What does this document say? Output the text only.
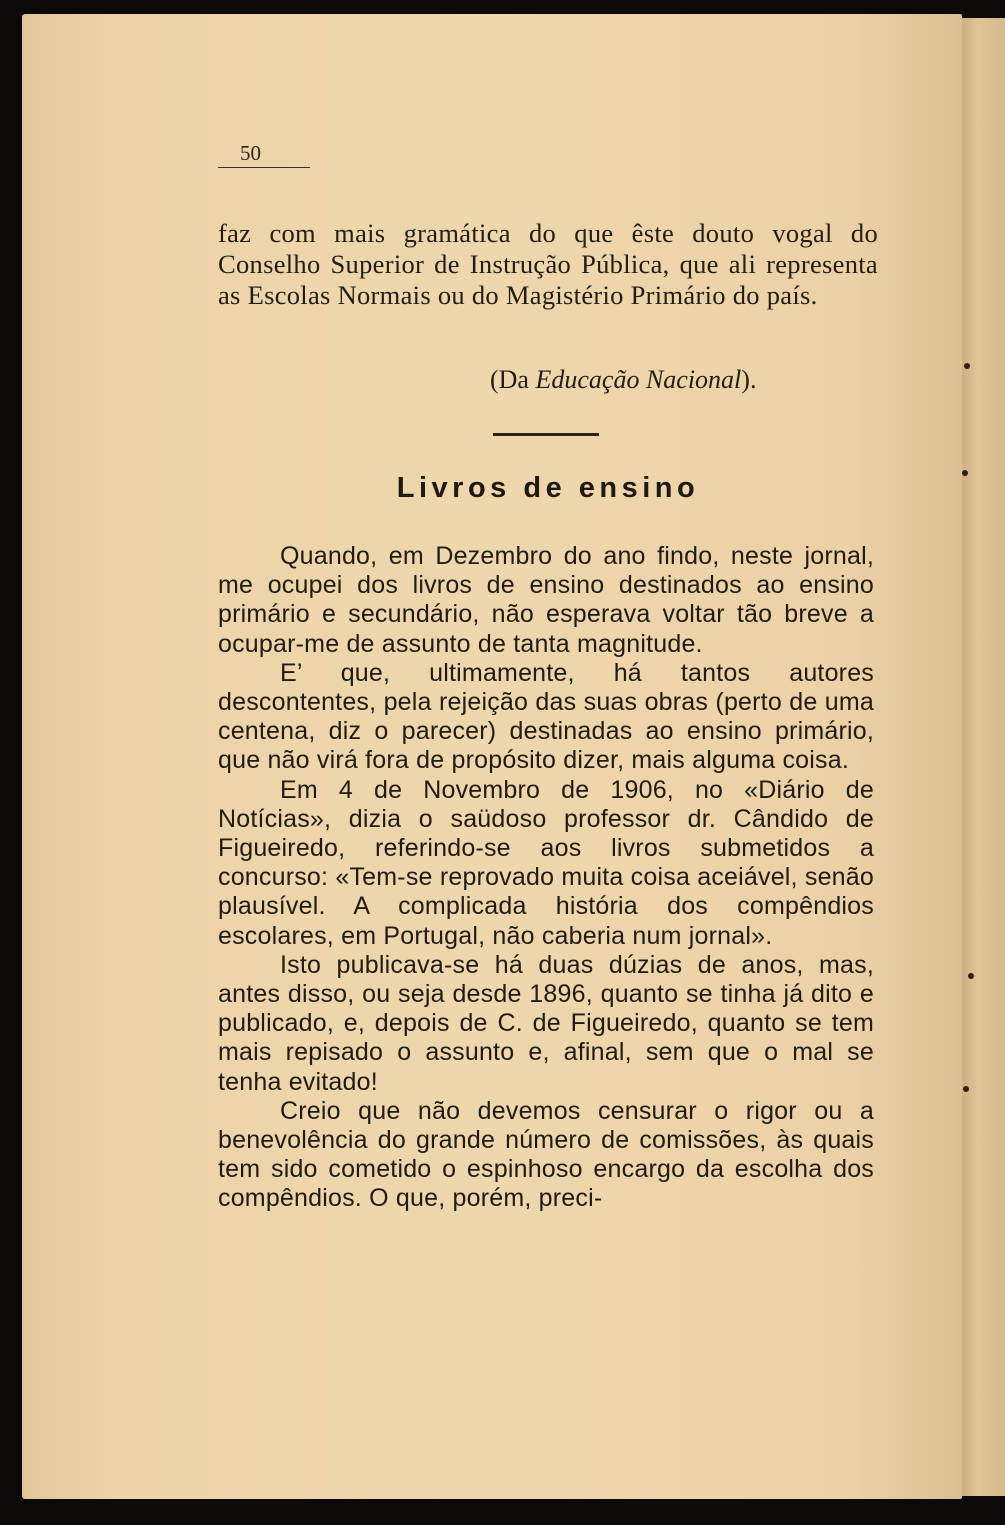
50

faz com mais gramática do que êste douto vogal do Conselho Superior de Instrução Pública, que ali representa as Escolas Normais ou do Magistério Primário do país.

(Da Educação Nacional).
Livros de ensino

Quando, em Dezembro do ano findo, neste jornal, me ocupei dos livros de ensino destinados ao ensino primário e secundário, não esperava voltar tão breve a ocupar-me de assunto de tanta magnitude.

E’ que, ultimamente, há tantos autores descontentes, pela rejeição das suas obras (perto de uma centena, diz o parecer) destinadas ao ensino primário, que não virá fora de propósito dizer, mais alguma coisa.

Em 4 de Novembro de 1906, no «Diário de Notícias», dizia o saüdoso professor dr. Cândido de Figueiredo, referindo-se aos livros submetidos a concurso: «Tem-se reprovado muita coisa aceiável, senão plausível. A complicada história dos compêndios escolares, em Portugal, não caberia num jornal».

Isto publicava-se há duas dúzias de anos, mas, antes disso, ou seja desde 1896, quanto se tinha já dito e publicado, e, depois de C. de Figueiredo, quanto se tem mais repisado o assunto e, afinal, sem que o mal se tenha evitado!

Creio que não devemos censurar o rigor ou a benevolência do grande número de comissões, às quais tem sido cometido o espinhoso encargo da escolha dos compêndios. O que, porém, preci-
